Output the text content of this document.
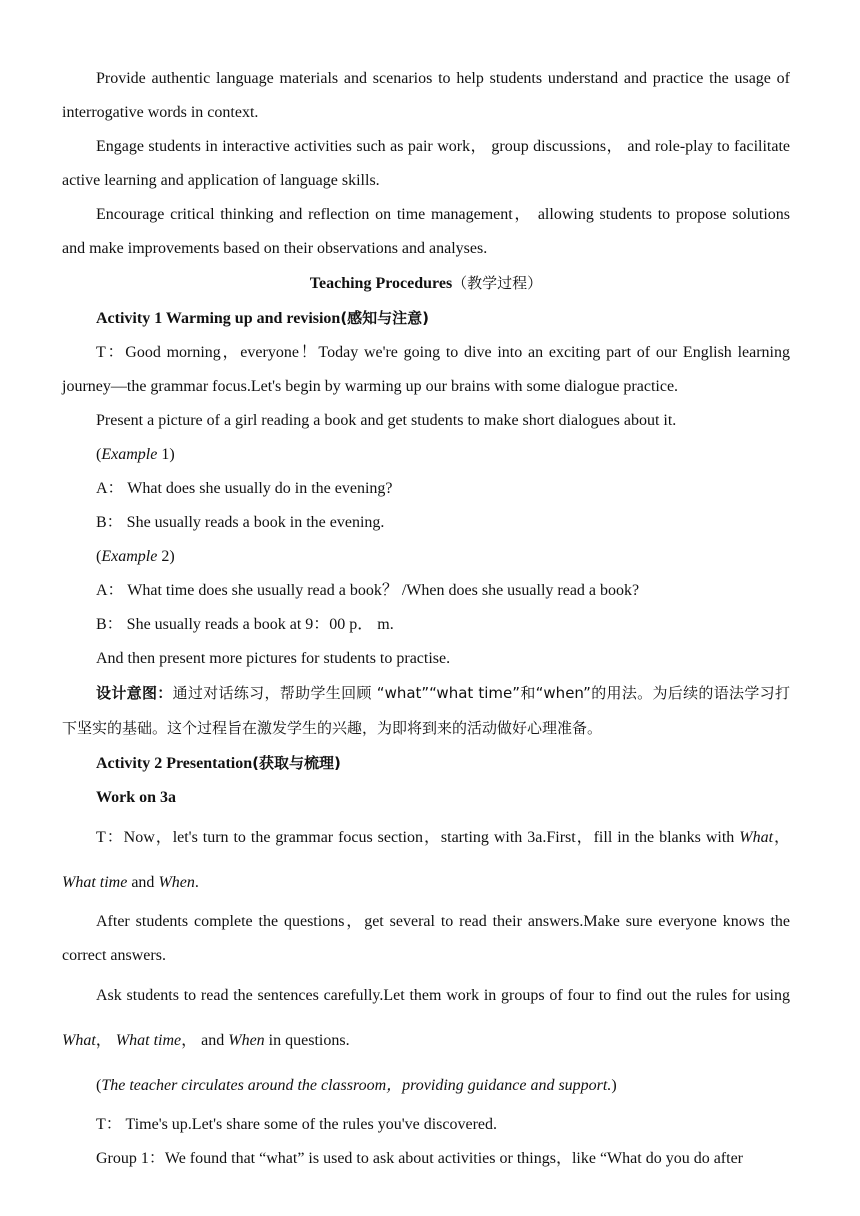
Provide authentic language materials and scenarios to help students understand and practice the usage of interrogative words in context.

Engage students in interactive activities such as pair work， group discussions， and role-play to facilitate active learning and application of language skills.

Encourage critical thinking and reflection on time management， allowing students to propose solutions and make improvements based on their observations and analyses.

Teaching Procedures（教学过程）

Activity 1 Warming up and revision(感知与注意)

T：Good morning，everyone！Today we're going to dive into an exciting part of our English learning journey—the grammar focus.Let's begin by warming up our brains with some dialogue practice.

Present a picture of a girl reading a book and get students to make short dialogues about it.

(Example 1)

A： What does she usually do in the evening?

B： She usually reads a book in the evening.

(Example 2)

A： What time does she usually read a book？ /When does she usually read a book?

B： She usually reads a book at 9：00 p． m.

And then present more pictures for students to practise.

设计意图：通过对话练习，帮助学生回顾 “what”“what time”和“when”的用法。为后续的语法学习打下坚实的基础。这个过程旨在激发学生的兴趣，为即将到来的活动做好心理准备。

Activity 2 Presentation(获取与梳理)

Work on 3a

T：Now，let's turn to the grammar focus section，starting with 3a.First，fill in the blanks with What，What time and When.

After students complete the questions，get several to read their answers.Make sure everyone knows the correct answers.

Ask students to read the sentences carefully.Let them work in groups of four to find out the rules for using What， What time， and When in questions.

(The teacher circulates around the classroom，providing guidance and support.)

T： Time's up.Let's share some of the rules you've discovered.

Group 1：We found that “what” is used to ask about activities or things，like “What do you do after
